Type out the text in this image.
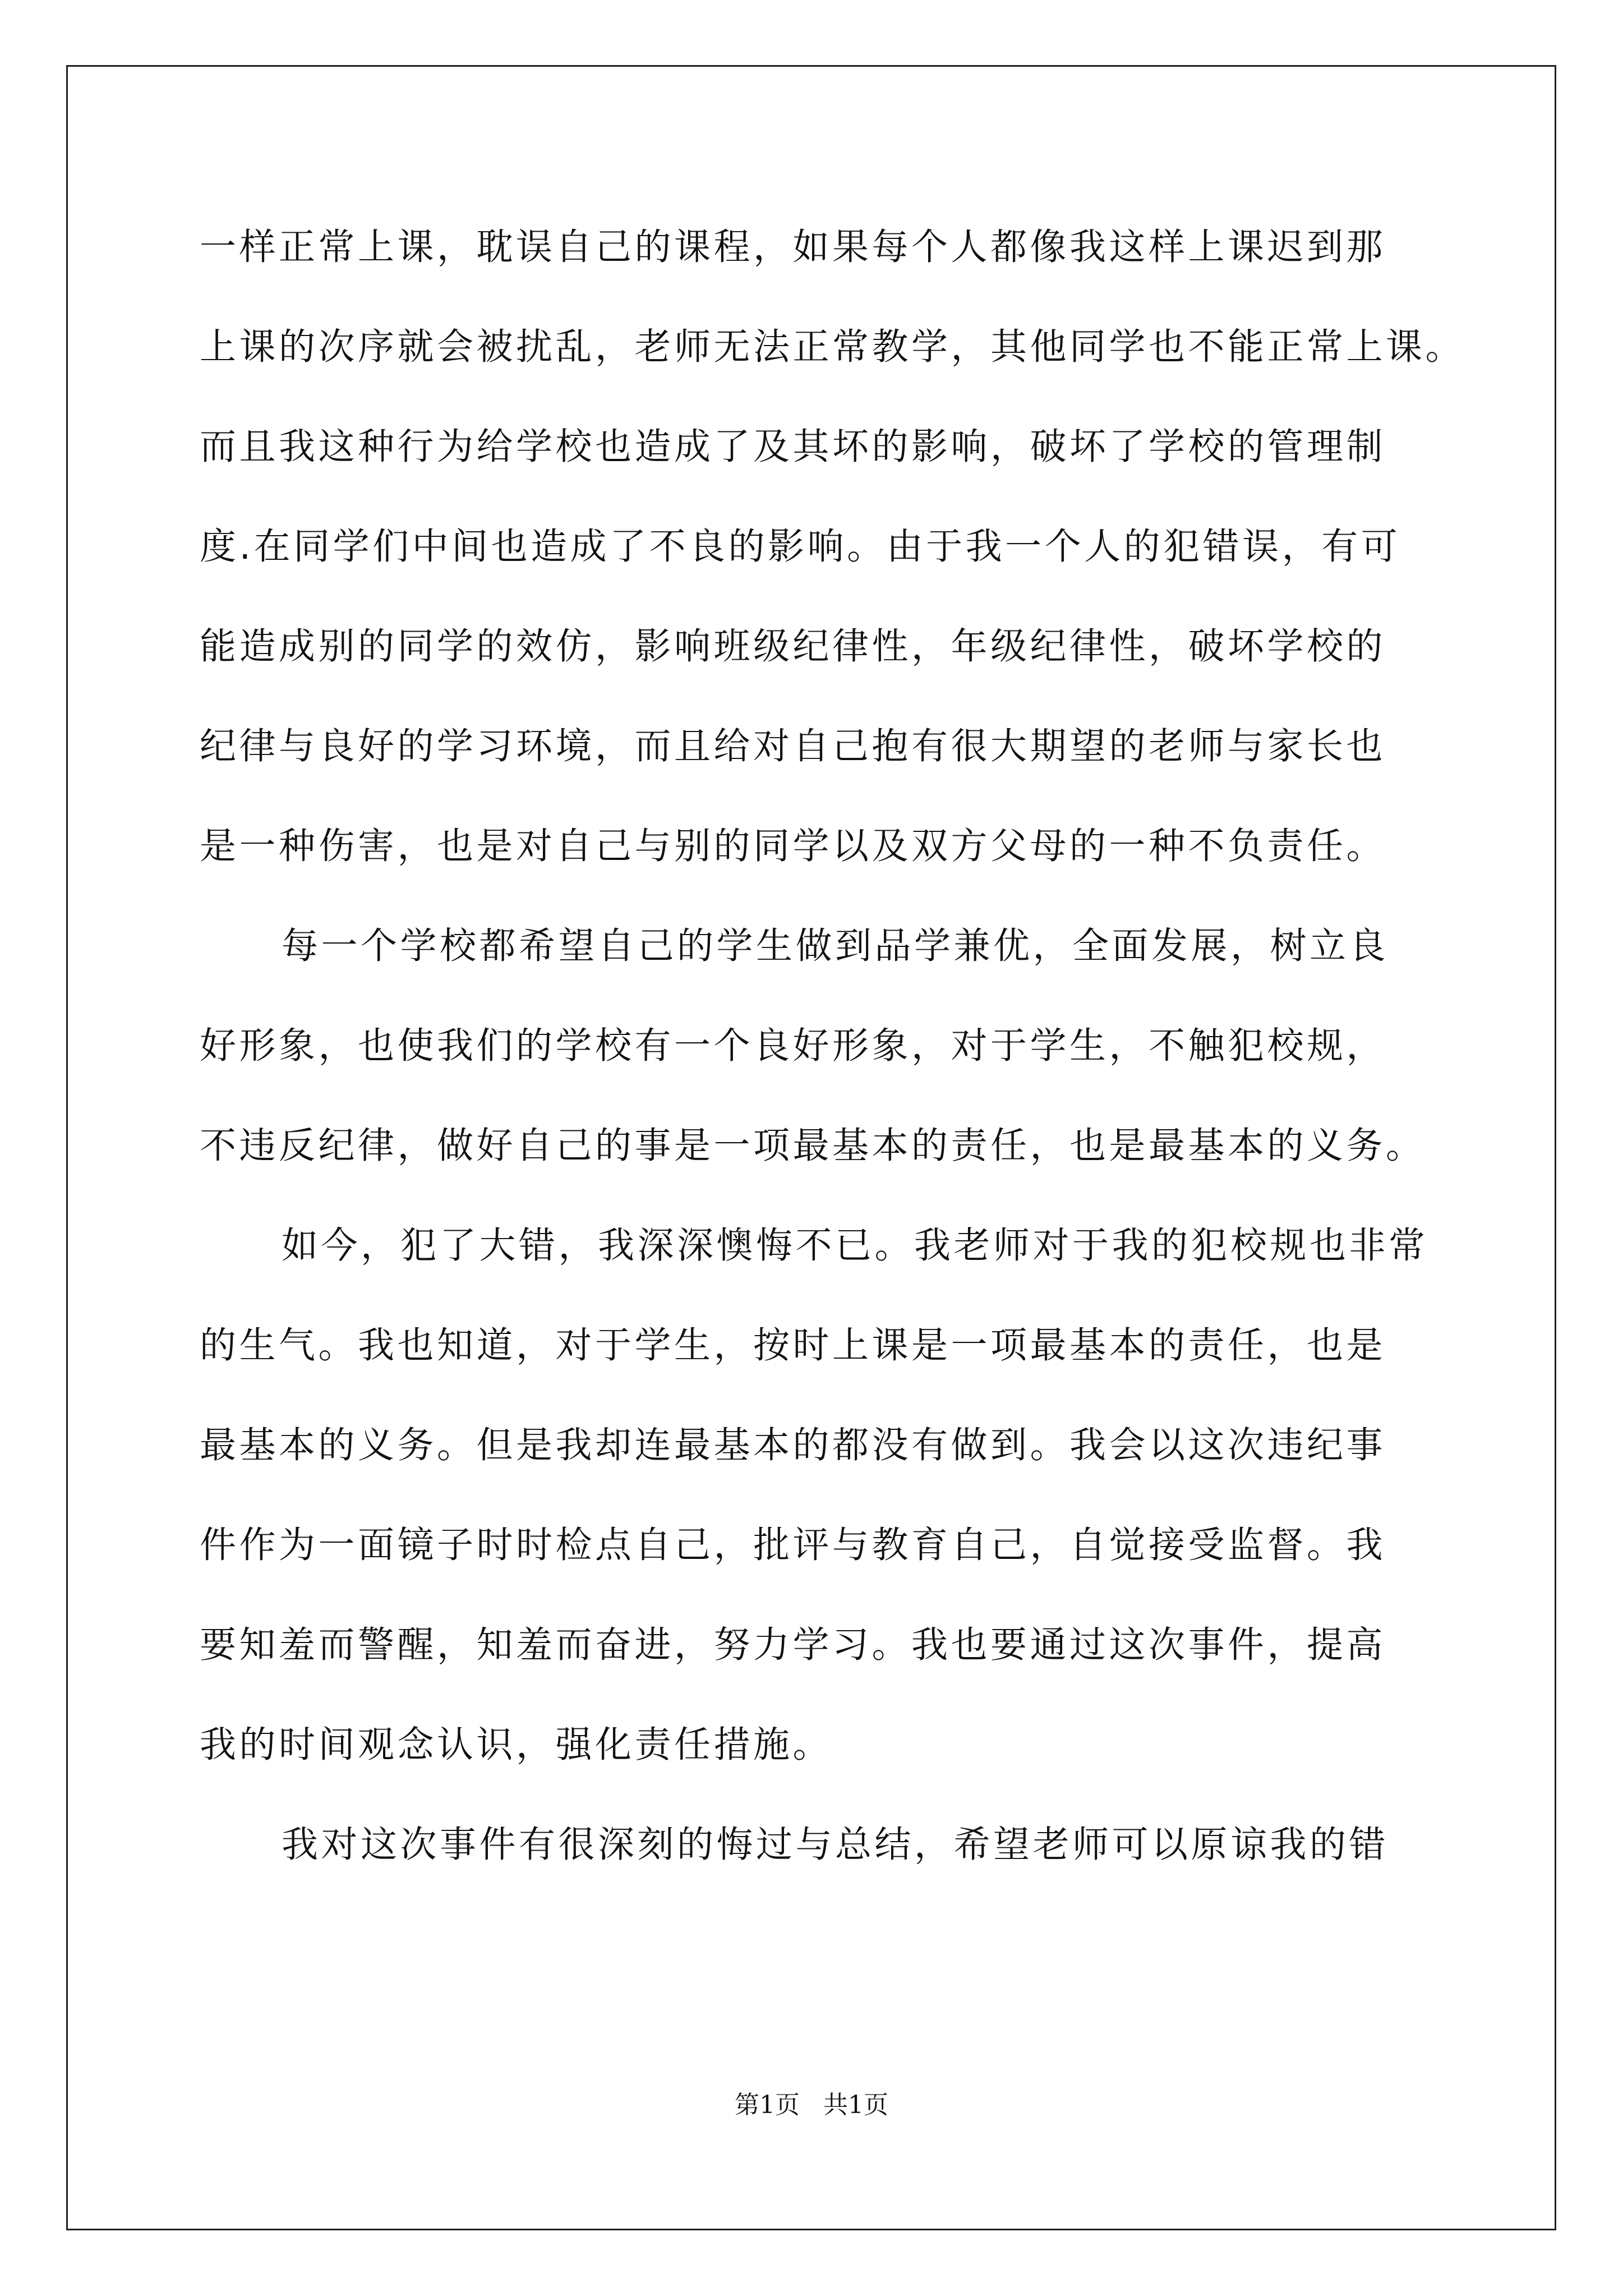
一样正常上课，耽误自己的课程，如果每个人都像我这样上课迟到那
上课的次序就会被扰乱，老师无法正常教学，其他同学也不能正常上课。
而且我这种行为给学校也造成了及其坏的影响，破坏了学校的管理制
度.在同学们中间也造成了不良的影响。由于我一个人的犯错误，有可
能造成别的同学的效仿，影响班级纪律性，年级纪律性，破坏学校的
纪律与良好的学习环境，而且给对自己抱有很大期望的老师与家长也
是一种伤害，也是对自己与别的同学以及双方父母的一种不负责任。
每一个学校都希望自己的学生做到品学兼优，全面发展，树立良
好形象，也使我们的学校有一个良好形象，对于学生，不触犯校规，
不违反纪律，做好自己的事是一项最基本的责任，也是最基本的义务。
如今，犯了大错，我深深懊悔不已。我老师对于我的犯校规也非常
的生气。我也知道，对于学生，按时上课是一项最基本的责任，也是
最基本的义务。但是我却连最基本的都没有做到。我会以这次违纪事
件作为一面镜子时时检点自己，批评与教育自己，自觉接受监督。我
要知羞而警醒，知羞而奋进，努力学习。我也要通过这次事件，提高
我的时间观念认识，强化责任措施。
我对这次事件有很深刻的悔过与总结，希望老师可以原谅我的错
第1页 共1页
